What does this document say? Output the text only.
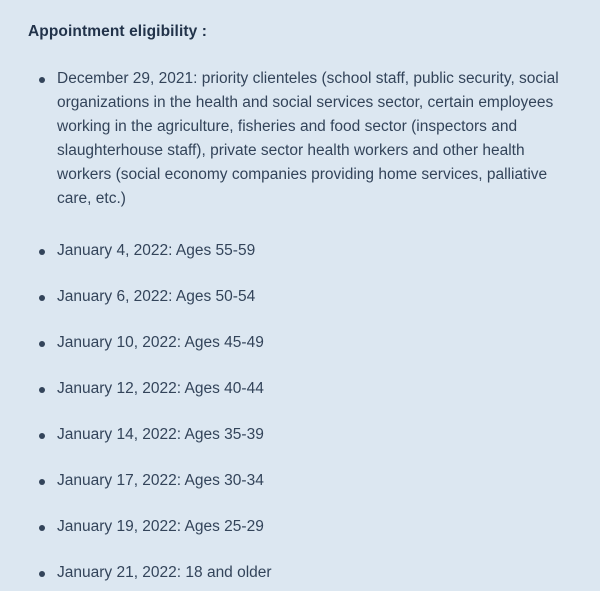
Appointment eligibility :
December 29, 2021: priority clienteles (school staff, public security, social organizations in the health and social services sector, certain employees working in the agriculture, fisheries and food sector (inspectors and slaughterhouse staff), private sector health workers and other health workers (social economy companies providing home services, palliative care, etc.)
January 4, 2022: Ages 55-59
January 6, 2022: Ages 50-54
January 10, 2022: Ages 45-49
January 12, 2022: Ages 40-44
January 14, 2022: Ages 35-39
January 17, 2022: Ages 30-34
January 19, 2022: Ages 25-29
January 21, 2022: 18 and older
